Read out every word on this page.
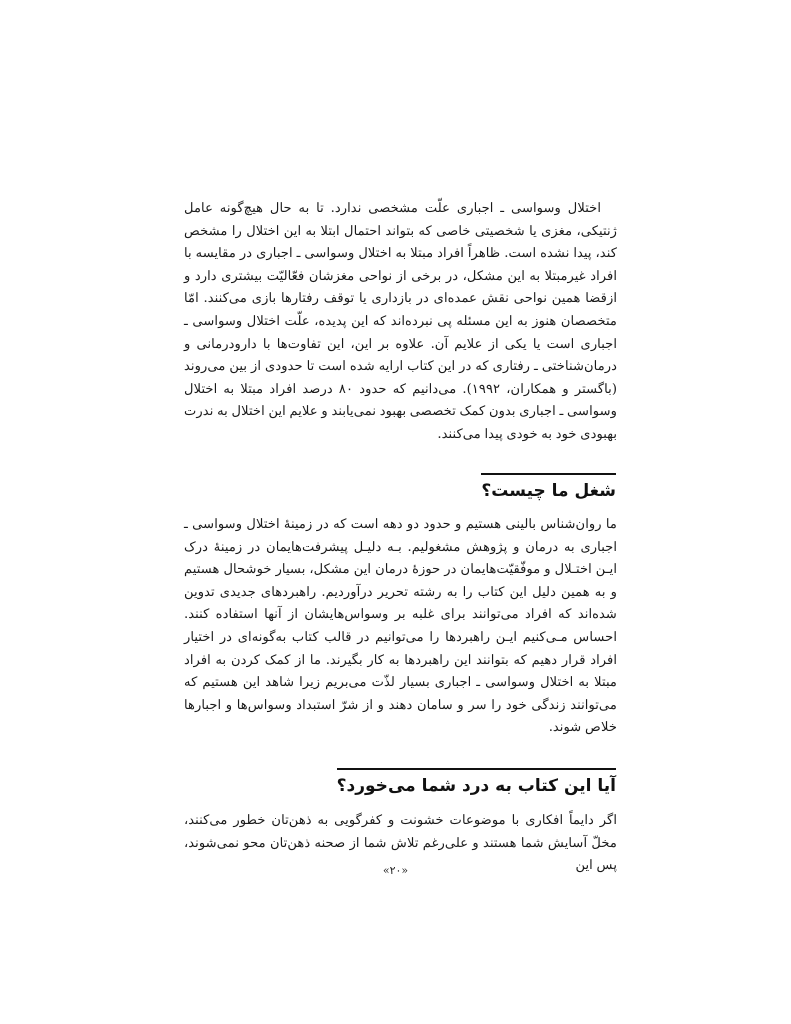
اختلال وسواسی ـ اجباری علّت مشخصی ندارد. تا به حال هیچ‌گونه عامل ژنتیکی، مغزی یا شخصیتی خاصی که بتواند احتمال ابتلا به این اختلال را مشخص کند، پیدا نشده است. ظاهراً افراد مبتلا به اختلال وسواسی ـ اجباری در مقایسه با افراد غیرمبتلا به این مشکل، در برخی از نواحی مغزشان فعّالیّت بیشتری دارد و ازقضا همین نواحی نقش عمده‌ای در بازداری یا توقف رفتارها بازی می‌کنند. امّا متخصصان هنوز به این مسئله پی نبرده‌اند که این پدیده، علّت اختلال وسواسی ـ اجباری است یا یکی از علایم آن. علاوه بر این، این تفاوت‌ها با دارودرمانی و درمان‌شناختی ـ رفتاری که در این کتاب ارایه شده است تا حدودی از بین می‌روند (باگستر و همکاران، ۱۹۹۲). می‌دانیم که حدود ۸۰ درصد افراد مبتلا به اختلال وسواسی ـ اجباری بدون کمک تخصصی بهبود نمی‌یابند و علایم این اختلال به ندرت بهبودی خود به خودی پیدا می‌کنند.

شغل ما چیست؟

ما روان‌شناس بالینی هستیم و حدود دو دهه است که در زمینهٔ اختلال وسواسی ـ اجباری به درمان و پژوهش مشغولیم. بـه دلیـل پیشرفت‌هایمان در زمینهٔ درک ایـن اختـلال و موفّقیّت‌هایمان در حوزهٔ درمان این مشکل، بسیار خوشحال هستیم و به همین دلیل این کتاب را به رشته تحریر درآوردیم. راهبردهای جدیدی تدوین شده‌اند که افراد می‌توانند برای غلبه بر وسواس‌هایشان از آنها استفاده کنند. احساس مـی‌کنیم ایـن راهبردها را می‌توانیم در قالب کتاب به‌گونه‌ای در اختیار افراد قرار دهیم که بتوانند این راهبردها به کار بگیرند. ما از کمک کردن به افراد مبتلا به اختلال وسواسی ـ اجباری بسیار لذّت می‌بریم زیرا شاهد این هستیم که می‌توانند زندگی خود را سر و سامان دهند و از شرّ استبداد وسواس‌ها و اجبارها خلاص شوند.

آیا این کتاب به درد شما می‌خورد؟

اگر دایماً افکاری با موضوعات خشونت و کفرگویی به ذهن‌تان خطور می‌کنند، مخلّ آسایش شما هستند و علی‌رغم تلاش شما از صحنه ذهن‌تان محو نمی‌شوند، پس این

«۲۰»
